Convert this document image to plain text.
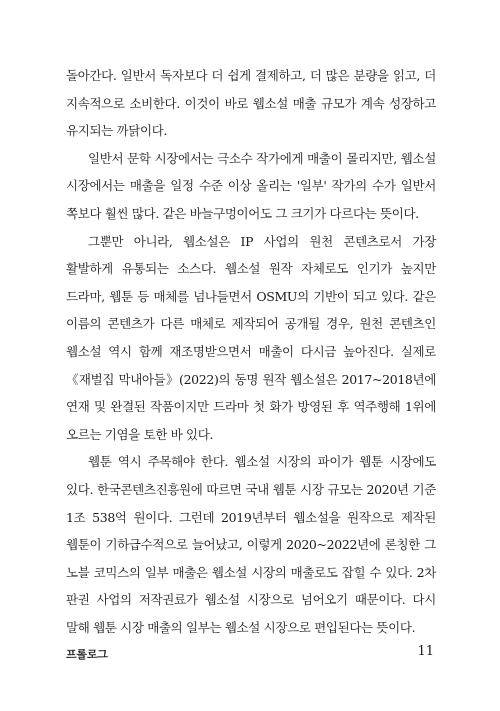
돌아간다. 일반서 독자보다 더 쉽게 결제하고, 더 많은 분량을 읽고, 더 지속적으로 소비한다. 이것이 바로 웹소설 매출 규모가 계속 성장하고 유지되는 까닭이다.

일반서 문학 시장에서는 극소수 작가에게 매출이 몰리지만, 웹소설 시장에서는 매출을 일정 수준 이상 올리는 '일부' 작가의 수가 일반서 쪽보다 훨씬 많다. 같은 바늘구멍이어도 그 크기가 다르다는 뜻이다.

그뿐만 아니라, 웹소설은 IP 사업의 원천 콘텐츠로서 가장 활발하게 유통되는 소스다. 웹소설 원작 자체로도 인기가 높지만 드라마, 웹툰 등 매체를 넘나들면서 OSMU의 기반이 되고 있다. 같은 이름의 콘텐츠가 다른 매체로 제작되어 공개될 경우, 원천 콘텐츠인 웹소설 역시 함께 재조명받으면서 매출이 다시금 높아진다. 실제로 《재벌집 막내아들》(2022)의 동명 원작 웹소설은 2017~2018년에 연재 및 완결된 작품이지만 드라마 첫 화가 방영된 후 역주행해 1위에 오르는 기염을 토한 바 있다.

웹툰 역시 주목해야 한다. 웹소설 시장의 파이가 웹툰 시장에도 있다. 한국콘텐츠진흥원에 따르면 국내 웹툰 시장 규모는 2020년 기준 1조 538억 원이다. 그런데 2019년부터 웹소설을 원작으로 제작된 웹툰이 기하급수적으로 늘어났고, 이렇게 2020~2022년에 론칭한 그 노블 코믹스의 일부 매출은 웹소설 시장의 매출로도 잡힐 수 있다. 2차 판권 사업의 저작권료가 웹소설 시장으로 넘어오기 때문이다. 다시 말해 웹툰 시장 매출의 일부는 웹소설 시장으로 편입된다는 뜻이다.

프롤로그	11
